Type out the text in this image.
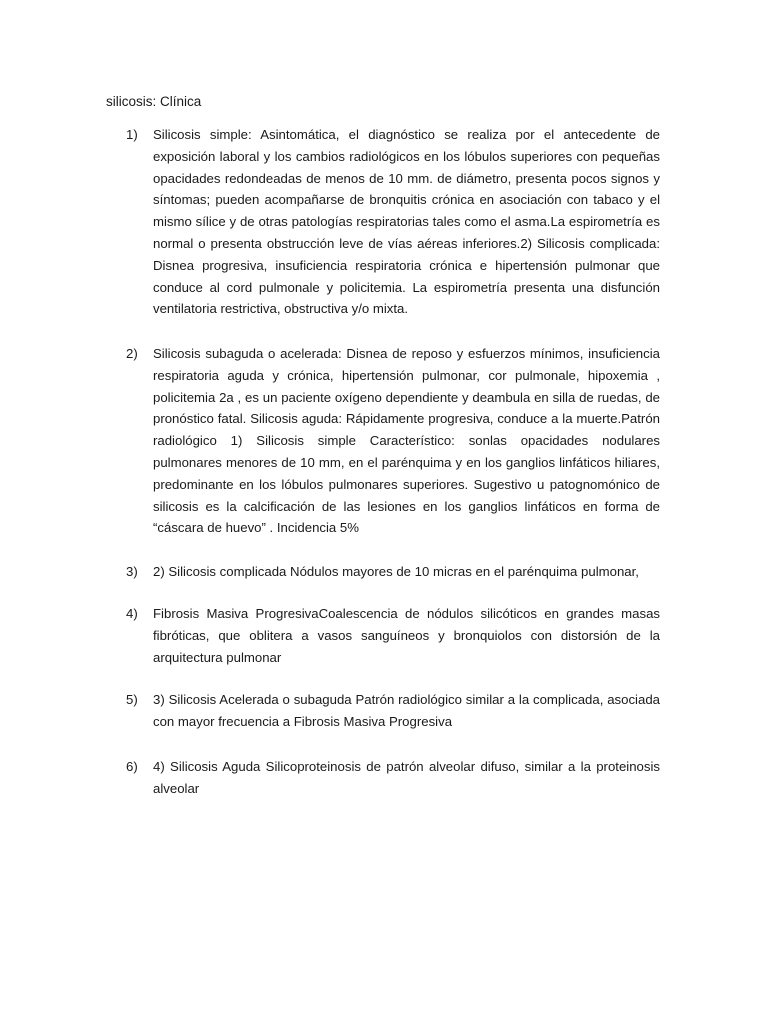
silicosis: Clínica
1)	Silicosis simple: Asintomática, el diagnóstico se realiza por el antecedente de exposición laboral y los cambios radiológicos en los lóbulos superiores con pequeñas opacidades redondeadas de menos de 10 mm. de diámetro, presenta pocos signos y síntomas; pueden acompañarse de bronquitis crónica en asociación con tabaco y el mismo sílice y de otras patologías respiratorias tales como el asma.La espirometría es normal o presenta obstrucción leve de vías aéreas inferiores.2) Silicosis complicada: Disnea progresiva, insuficiencia respiratoria crónica e hipertensión pulmonar que conduce al cord pulmonale y policitemia. La espirometría presenta una disfunción ventilatoria restrictiva, obstructiva y/o mixta.
2)	Silicosis subaguda o acelerada: Disnea de reposo y esfuerzos mínimos, insuficiencia respiratoria aguda y crónica, hipertensión pulmonar, cor pulmonale, hipoxemia , policitemia 2a , es un paciente oxígeno dependiente y deambula en silla de ruedas, de pronóstico fatal. Silicosis aguda: Rápidamente progresiva, conduce a la muerte.Patrón radiológico 1) Silicosis simple Característico: sonlas opacidades nodulares pulmonares menores de 10 mm, en el parénquima y en los ganglios linfáticos hiliares, predominante en los lóbulos pulmonares superiores. Sugestivo u patognomónico de silicosis es la calcificación de las lesiones en los ganglios linfáticos en forma de “cáscara de huevo” . Incidencia 5%
3)	2) Silicosis complicada Nódulos mayores de 10 micras en el parénquima pulmonar,
4)	Fibrosis Masiva ProgresivaCoalescencia de nódulos silicóticos en grandes masas fibróticas, que oblitera a vasos sanguíneos y bronquiolos con distorsión de la arquitectura pulmonar
5)	3) Silicosis Acelerada o subaguda Patrón radiológico similar a la complicada, asociada con mayor frecuencia a Fibrosis Masiva Progresiva
6)	4) Silicosis Aguda Silicoproteinosis de patrón alveolar difuso, similar a la proteinosis alveolar
